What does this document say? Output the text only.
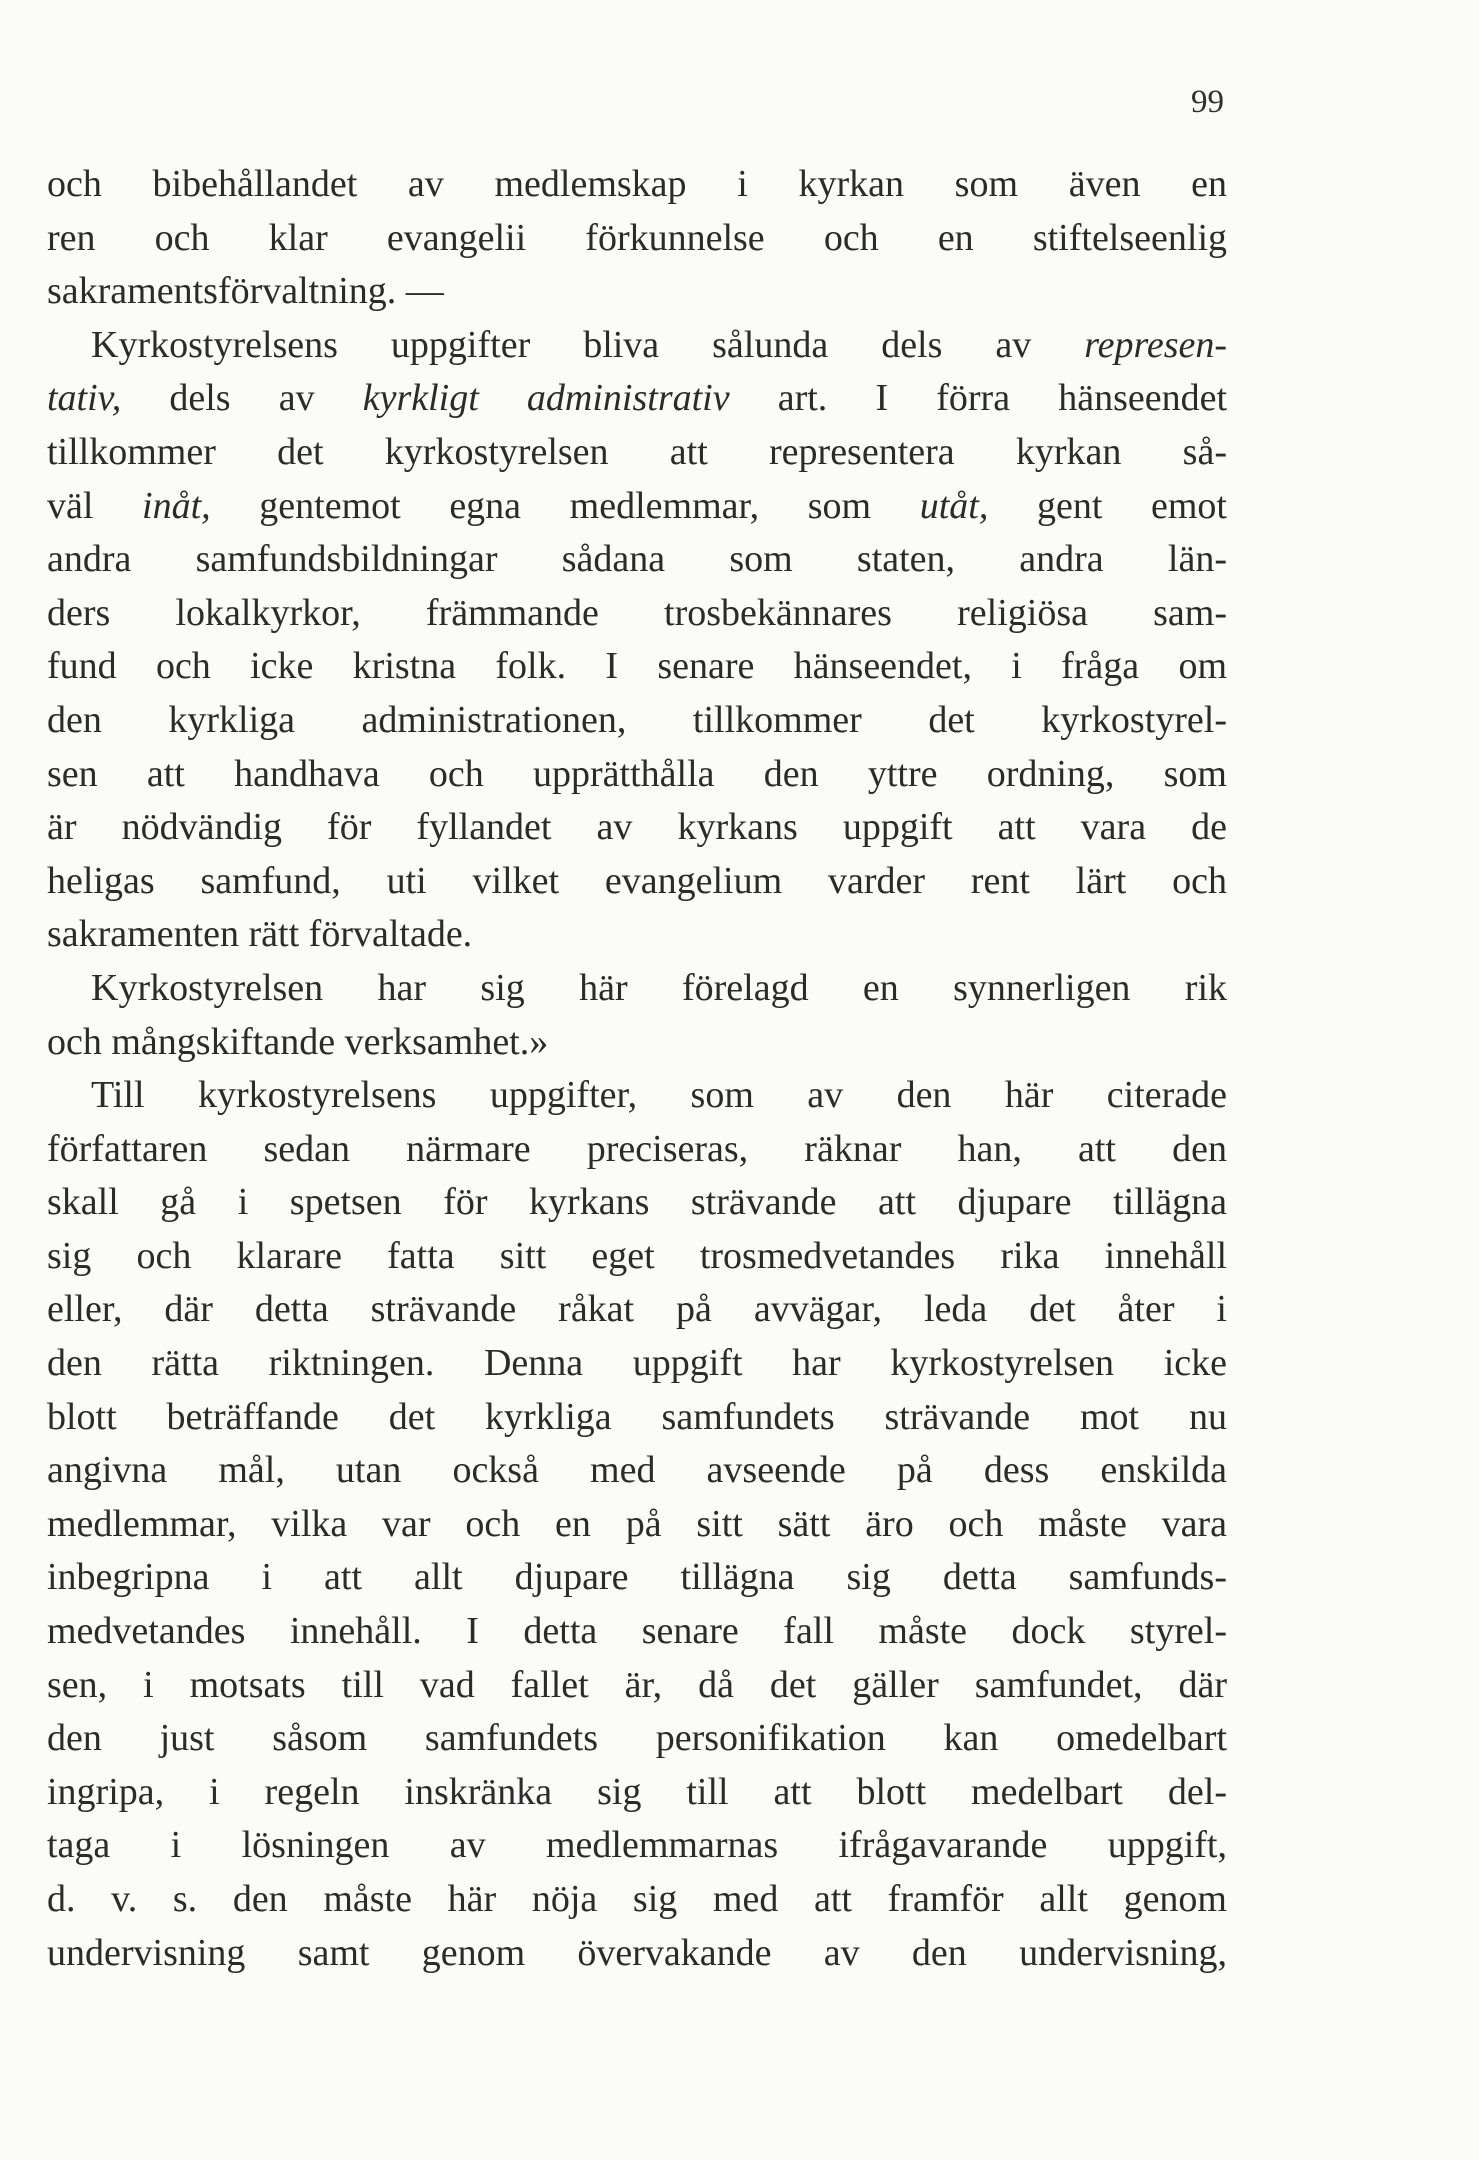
99
och bibehållandet av medlemskap i kyrkan som även en
ren och klar evangelii förkunnelse och en stiftelseenlig
sakramentsförvaltning. —
Kyrkostyrelsens uppgifter bliva sålunda dels av represen-
tativ, dels av kyrkligt administrativ art. I förra hänseendet
tillkommer det kyrkostyrelsen att representera kyrkan så-
väl inåt, gentemot egna medlemmar, som utåt, gent emot
andra samfundsbildningar sådana som staten, andra län-
ders lokalkyrkor, främmande trosbekännares religiösa sam-
fund och icke kristna folk. I senare hänseendet, i fråga om
den kyrkliga administrationen, tillkommer det kyrkostyrel-
sen att handhava och upprätthålla den yttre ordning, som
är nödvändig för fyllandet av kyrkans uppgift att vara de
heligas samfund, uti vilket evangelium varder rent lärt och
sakramenten rätt förvaltade.
Kyrkostyrelsen har sig här förelagd en synnerligen rik
och mångskiftande verksamhet.»
Till kyrkostyrelsens uppgifter, som av den här citerade
författaren sedan närmare preciseras, räknar han, att den
skall gå i spetsen för kyrkans strävande att djupare tillägna
sig och klarare fatta sitt eget trosmedvetandes rika innehåll
eller, där detta strävande råkat på avvägar, leda det åter i
den rätta riktningen. Denna uppgift har kyrkostyrelsen icke
blott beträffande det kyrkliga samfundets strävande mot nu
angivna mål, utan också med avseende på dess enskilda
medlemmar, vilka var och en på sitt sätt äro och måste vara
inbegripna i att allt djupare tillägna sig detta samfunds-
medvetandes innehåll. I detta senare fall måste dock styrel-
sen, i motsats till vad fallet är, då det gäller samfundet, där
den just såsom samfundets personifikation kan omedelbart
ingripa, i regeln inskränka sig till att blott medelbart del-
taga i lösningen av medlemmarnas ifrågavarande uppgift,
d. v. s. den måste här nöja sig med att framför allt genom
undervisning samt genom övervakande av den undervisning,
